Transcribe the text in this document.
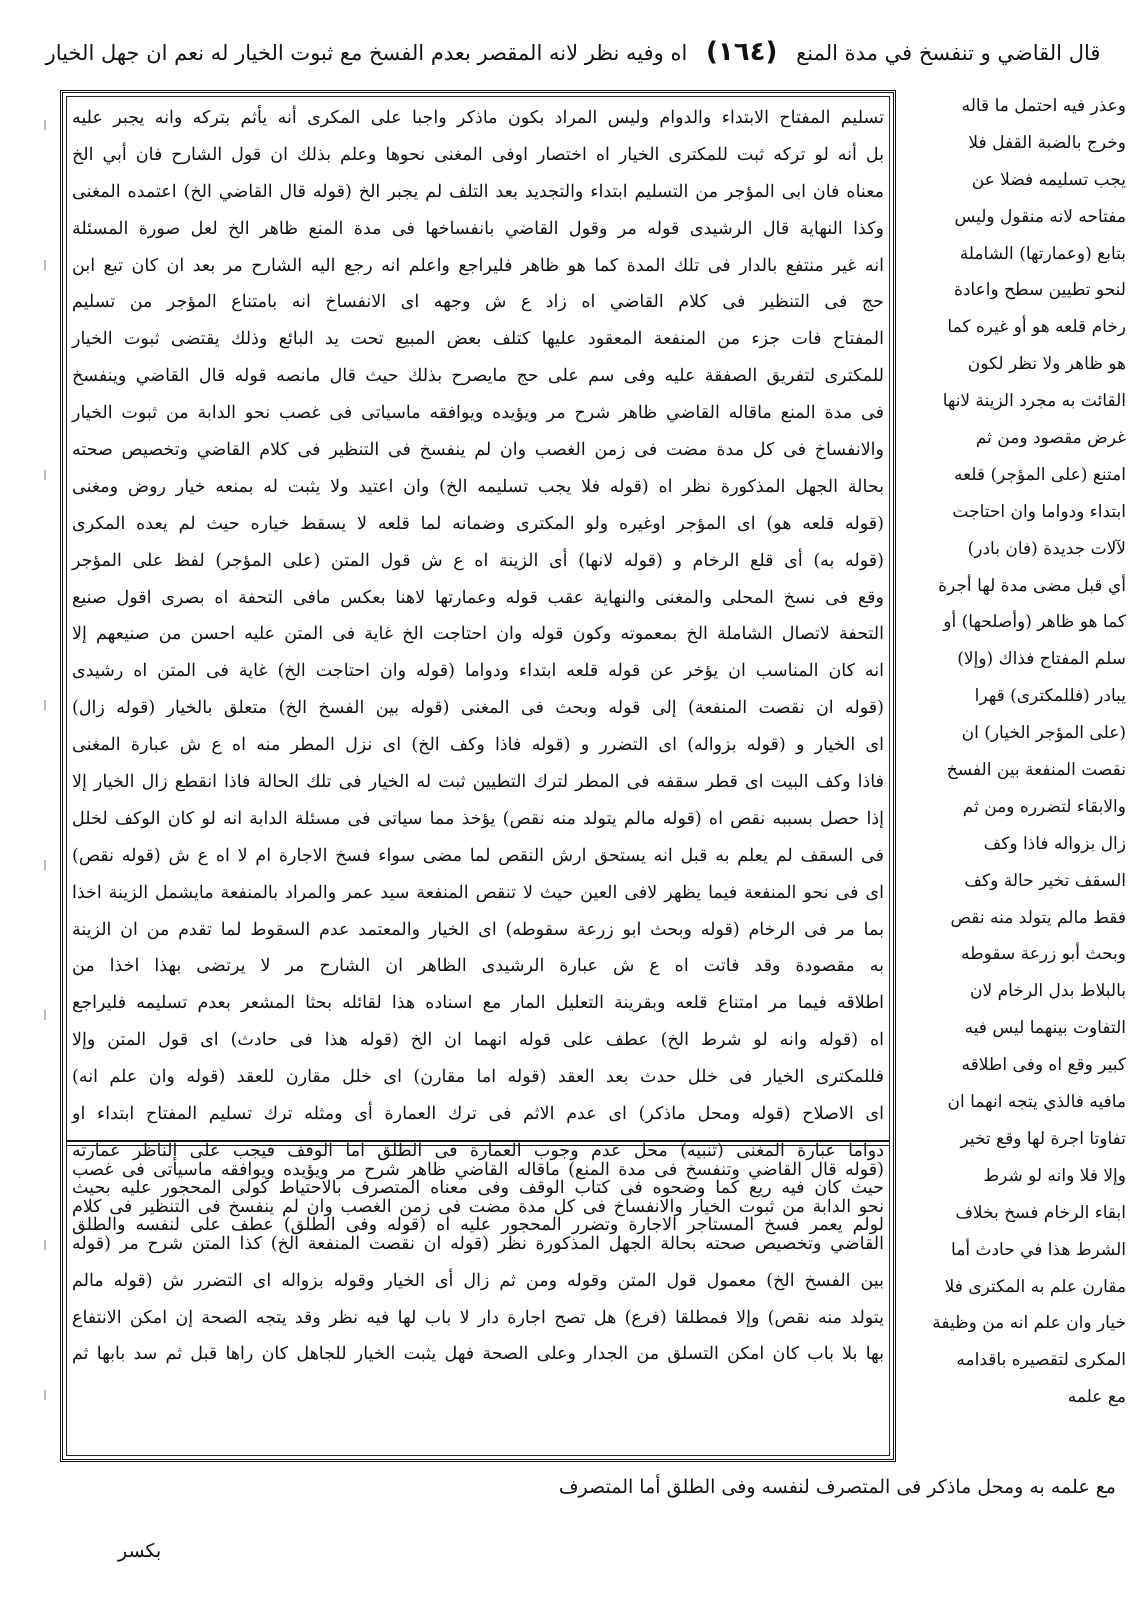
قال القاضي و تنفسخ في مدة المنع (١٦٤) اه وفيه نظر لانه المقصر بعدم الفسخ مع ثبوت الخيار له نعم ان جهل الخيار
وعذر فيه احتمل ما قاله
وخرج بالضبة القفل فلا
يجب تسليمه فضلا عن
مفتاحه لانه منقول وليس
بتابع (وعمارتها) الشاملة
لنحو تطيين سطح واعادة
رخام قلعه هو أو غيره كما
هو ظاهر ولا نظر لكون
القائت به مجرد الزينة لانها
غرض مقصود ومن ثم
امتنع (على المؤجر) قلعه
ابتداء ودواما وان احتاجت
لآلات جديدة (فان بادر)
أي قبل مضى مدة لها أجرة
كما هو ظاهر (وأصلحها) أو
سلم المفتاح فذاك (وإلا)
يبادر (فللمكترى) قهرا
(على المؤجر الخيار) ان
نقصت المنفعة بين الفسخ
والابقاء لتضرره ومن ثم
زال بزواله فاذا وكف
السقف تخير حالة وكف
فقط مالم يتولد منه نقص
وبحث أبو زرعة سقوطه
بالبلاط بدل الرخام لان
التفاوت بينهما ليس فيه
كبير وقع اه وفى اطلاقه
مافيه فالذي يتجه انهما ان
تفاوتا اجرة لها وقع تخير
وإلا فلا وانه لو شرط
ابقاء الرخام فسخ بخلاف
الشرط هذا في حادث أما
مقارن علم به المكترى فلا
خيار وان علم انه من وظيفة
المكرى لتقصيره باقدامه
مع علمه
تسليم المفتاح الابتداء والدوام وليس المراد بكون ماذكر واجبا على المكرى أنه يأثم بتركه وانه يجبر عليه
بل أنه لو تركه ثبت للمكترى الخيار اه اختصار اوفى المغنى نحوها وعلم بذلك ان قول الشارح فان أبي الخ
معناه فان ابى المؤجر من التسليم ابتداء والتجديد بعد التلف لم يجبر الخ (قوله قال القاضي الخ) اعتمده المغنى
وكذا النهاية قال الرشيدى قوله مر وقول القاضي بانفساخها فى مدة المنع ظاهر الخ لعل صورة المسئلة
انه غير منتفع بالدار فى تلك المدة كما هو ظاهر فليراجع واعلم انه رجع اليه الشارح مر بعد ان كان تبع ابن
حج فى التنظير فى كلام القاضي اه زاد ع ش وجهه اى الانفساخ انه بامتناع المؤجر من تسليم
المفتاح فات جزء من المنفعة المعقود عليها كتلف بعض المبيع تحت يد البائع وذلك يقتضى ثبوت الخيار
للمكترى لتفريق الصفقة عليه وفى سم على حج مايصرح بذلك حيث قال مانصه قوله قال القاضي وينفسخ
فى مدة المنع ماقاله القاضي ظاهر شرح مر ويؤيده ويوافقه ماسياتى فى غصب نحو الدابة من ثبوت الخيار
والانفساخ فى كل مدة مضت فى زمن الغصب وان لم ينفسخ فى التنظير فى كلام القاضي وتخصيص صحته
بحالة الجهل المذكورة نظر اه (قوله فلا يجب تسليمه الخ) وان اعتيد ولا يثبت له بمنعه خيار روض ومغنى
(قوله قلعه هو) اى المؤجر اوغيره ولو المكترى وضمانه لما قلعه لا يسقط خياره حيث لم يعده المكرى
(قوله به) أى قلع الرخام و (قوله لانها) أى الزينة اه ع ش قول المتن (على المؤجر) لفظ على المؤجر
وقع فى نسخ المحلى والمغنى والنهاية عقب قوله وعمارتها لاهنا بعكس مافى التحفة اه بصرى اقول صنيع
التحفة لاتصال الشاملة الخ بمعموته وكون قوله وان احتاجت الخ غاية فى المتن عليه احسن من صنيعهم إلا
انه كان المناسب ان يؤخر عن قوله قلعه ابتداء ودواما (قوله وان احتاجت الخ) غاية فى المتن اه رشيدى
(قوله ان نقصت المنفعة) إلى قوله وبحث فى المغنى (قوله بين الفسخ الخ) متعلق بالخيار (قوله زال)
اى الخيار و (قوله بزواله) اى التضرر و (قوله فاذا وكف الخ) اى نزل المطر منه اه ع ش عبارة المغنى
فاذا وكف البيت اى قطر سقفه فى المطر لترك التطيين ثبت له الخيار فى تلك الحالة فاذا انقطع زال الخيار إلا
إذا حصل بسببه نقص اه (قوله مالم يتولد منه نقص) يؤخذ مما سياتى فى مسئلة الدابة انه لو كان الوكف لخلل
فى السقف لم يعلم به قبل انه يستحق ارش النقص لما مضى سواء فسخ الاجارة ام لا اه ع ش (قوله نقص)
اى فى نحو المنفعة فيما يظهر لافى العين حيث لا تنقص المنفعة سيد عمر والمراد بالمنفعة مايشمل الزينة اخذا
بما مر فى الرخام (قوله وبحث ابو زرعة سقوطه) اى الخيار والمعتمد عدم السقوط لما تقدم من ان الزينة
به مقصودة وقد فاتت اه ع ش عبارة الرشيدى الظاهر ان الشارح مر لا يرتضى بهذا اخذا من
اطلاقه فيما مر امتناع قلعه وبقرينة التعليل المار مع اسناده هذا لقائله بحثا المشعر بعدم تسليمه فليراجع
اه (قوله وانه لو شرط الخ) عطف على قوله انهما ان الخ (قوله هذا فى حادث) اى قول المتن وإلا
فللمكترى الخيار فى خلل حدث بعد العقد (قوله اما مقارن) اى خلل مقارن للعقد (قوله وان علم انه)
اى الاصلاح (قوله ومحل ماذكر) اى عدم الاثم فى ترك العمارة أى ومثله ترك تسليم المفتاح ابتداء او
دواما عبارة المغنى (تنبيه) محل عدم وجوب العمارة فى الطلق اما الوقف فيجب على الناظر عمارته
حيث كان فيه ريع كما وضحوه فى كتاب الوقف وفى معناه المتصرف بالاحتياط كولى المحجور عليه بحيث
لولم يعمر فسخ المستاجر الاجارة وتضرر المحجور عليه اه (قوله وفى الطلق) عطف على لنفسه والطلق
(قوله قال القاضي وتنفسخ فى مدة المنع) ماقاله القاضي ظاهر شرح مر ويؤيده ويوافقه ماسيأتى فى غصب
نحو الدابة من ثبوت الخيار والانفساخ فى كل مدة مضت فى زمن الغصب وان لم ينفسخ فى التنظير فى كلام
القاضي وتخصيص صحته بحالة الجهل المذكورة نظر (قوله ان نقصت المنفعة الخ) كذا المتن شرح مر (قوله
بين الفسخ الخ) معمول قول المتن وقوله ومن ثم زال أى الخيار وقوله بزواله اى التضرر ش (قوله مالم
يتولد منه نقص) وإلا فمطلقا (فرع) هل تصح اجارة دار لا باب لها فيه نظر وقد يتجه الصحة إن امكن الانتفاع
بها بلا باب كان امكن التسلق من الجدار وعلى الصحة فهل يثبت الخيار للجاهل كان راها قبل ثم سد بابها ثم
مع علمه به ومحل ماذكر فى المتصرف لنفسه وفى الطلق أما المتصرف
بكسر
